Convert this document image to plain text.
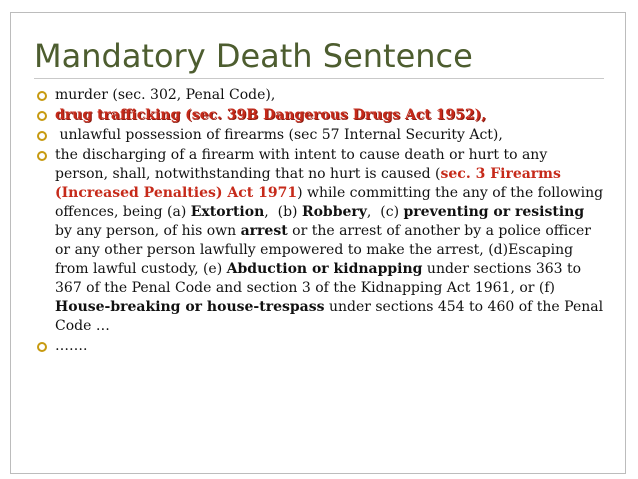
Mandatory Death Sentence
murder (sec. 302, Penal Code),
drug trafficking (sec. 39B Dangerous Drugs Act 1952),
unlawful possession of firearms (sec 57 Internal Security Act),
the discharging of a firearm with intent to cause death or hurt to any person, shall, notwithstanding that no hurt is caused (sec. 3 Firearms (Increased Penalties) Act 1971) while committing the any of the following offences, being (a) Extortion,  (b) Robbery,  (c) preventing or resisting by any person, of his own arrest or the arrest of another by a police officer or any other person lawfully empowered to make the arrest, (d)Escaping from lawful custody, (e) Abduction or kidnapping under sections 363 to 367 of the Penal Code and section 3 of the Kidnapping Act 1961, or (f) House-breaking or house-trespass under sections 454 to 460 of the Penal Code …
…….
